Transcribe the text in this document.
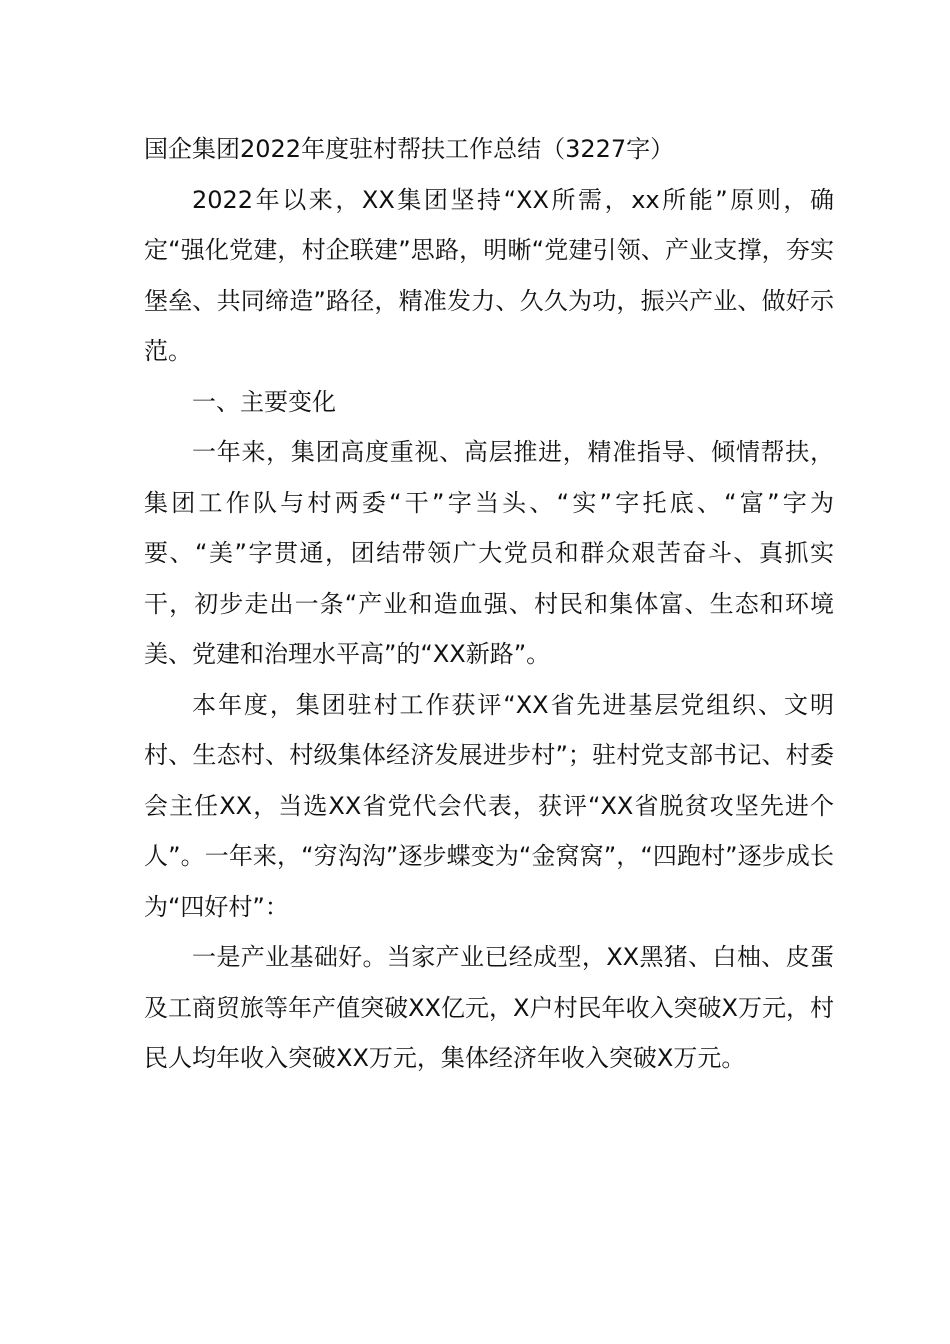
国企集团2022年度驻村帮扶工作总结（3227字）

2022年以来，XX集团坚持“XX所需，xx所能”原则，确定“强化党建，村企联建”思路，明晰“党建引领、产业支撑，夯实堡垒、共同缔造”路径，精准发力、久久为功，振兴产业、做好示范。

一、主要变化

一年来，集团高度重视、高层推进，精准指导、倾情帮扶，集团工作队与村两委“干”字当头、“实”字托底、“富”字为要、“美”字贯通，团结带领广大党员和群众艰苦奋斗、真抓实干，初步走出一条“产业和造血强、村民和集体富、生态和环境美、党建和治理水平高”的“XX新路”。

本年度，集团驻村工作获评“XX省先进基层党组织、文明村、生态村、村级集体经济发展进步村”；驻村党支部书记、村委会主任XX，当选XX省党代会代表，获评“XX省脱贫攻坚先进个人”。一年来，“穷沟沟”逐步蝶变为“金窝窝”，“四跑村”逐步成长为“四好村”：

一是产业基础好。当家产业已经成型，XX黑猪、白柚、皮蛋及工商贸旅等年产值突破XX亿元，X户村民年收入突破X万元，村民人均年收入突破XX万元，集体经济年收入突破X万元。
